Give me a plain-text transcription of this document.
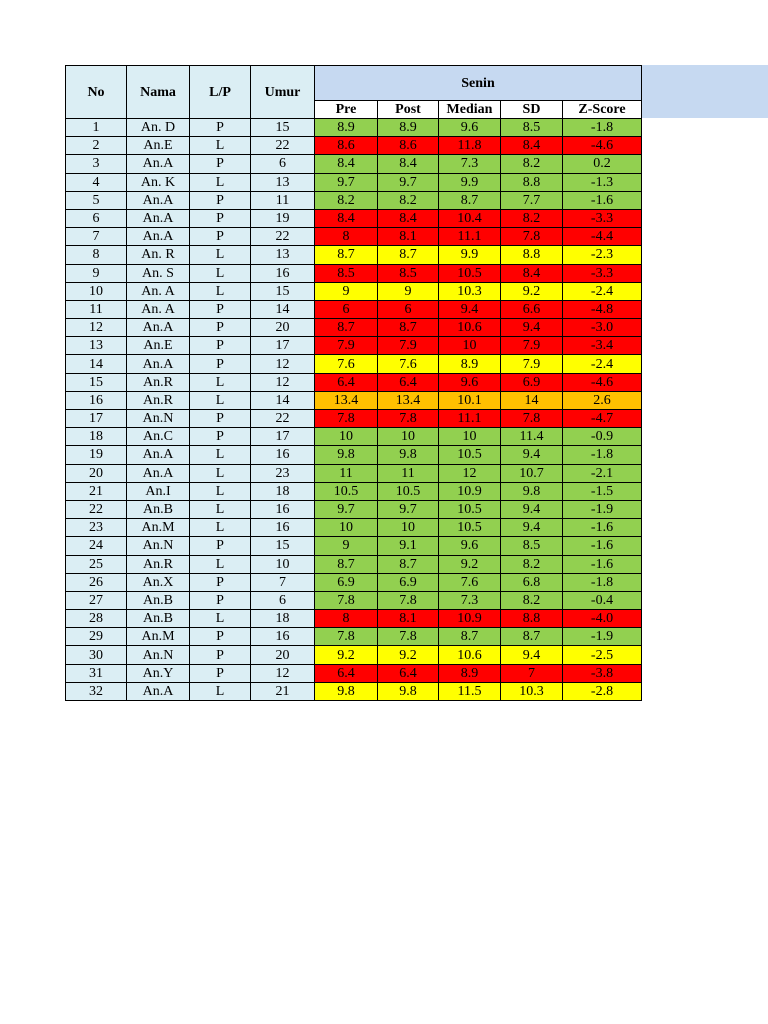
No	Nama	L/P	Umur	Senin				
				Pre	Post	Median	SD	Z-Score
1	An. D	P	15	8.9	8.9	9.6	8.5	-1.8
2	An.E	L	22	8.6	8.6	11.8	8.4	-4.6
3	An.A	P	6	8.4	8.4	7.3	8.2	0.2
4	An. K	L	13	9.7	9.7	9.9	8.8	-1.3
5	An.A	P	11	8.2	8.2	8.7	7.7	-1.6
6	An.A	P	19	8.4	8.4	10.4	8.2	-3.3
7	An.A	P	22	8	8.1	11.1	7.8	-4.4
8	An. R	L	13	8.7	8.7	9.9	8.8	-2.3
9	An. S	L	16	8.5	8.5	10.5	8.4	-3.3
10	An. A	L	15	9	9	10.3	9.2	-2.4
11	An. A	P	14	6	6	9.4	6.6	-4.8
12	An.A	P	20	8.7	8.7	10.6	9.4	-3.0
13	An.E	P	17	7.9	7.9	10	7.9	-3.4
14	An.A	P	12	7.6	7.6	8.9	7.9	-2.4
15	An.R	L	12	6.4	6.4	9.6	6.9	-4.6
16	An.R	L	14	13.4	13.4	10.1	14	2.6
17	An.N	P	22	7.8	7.8	11.1	7.8	-4.7
18	An.C	P	17	10	10	10	11.4	-0.9
19	An.A	L	16	9.8	9.8	10.5	9.4	-1.8
20	An.A	L	23	11	11	12	10.7	-2.1
21	An.I	L	18	10.5	10.5	10.9	9.8	-1.5
22	An.B	L	16	9.7	9.7	10.5	9.4	-1.9
23	An.M	L	16	10	10	10.5	9.4	-1.6
24	An.N	P	15	9	9.1	9.6	8.5	-1.6
25	An.R	L	10	8.7	8.7	9.2	8.2	-1.6
26	An.X	P	7	6.9	6.9	7.6	6.8	-1.8
27	An.B	P	6	7.8	7.8	7.3	8.2	-0.4
28	An.B	L	18	8	8.1	10.9	8.8	-4.0
29	An.M	P	16	7.8	7.8	8.7	8.7	-1.9
30	An.N	P	20	9.2	9.2	10.6	9.4	-2.5
31	An.Y	P	12	6.4	6.4	8.9	7	-3.8
32	An.A	L	21	9.8	9.8	11.5	10.3	-2.8
